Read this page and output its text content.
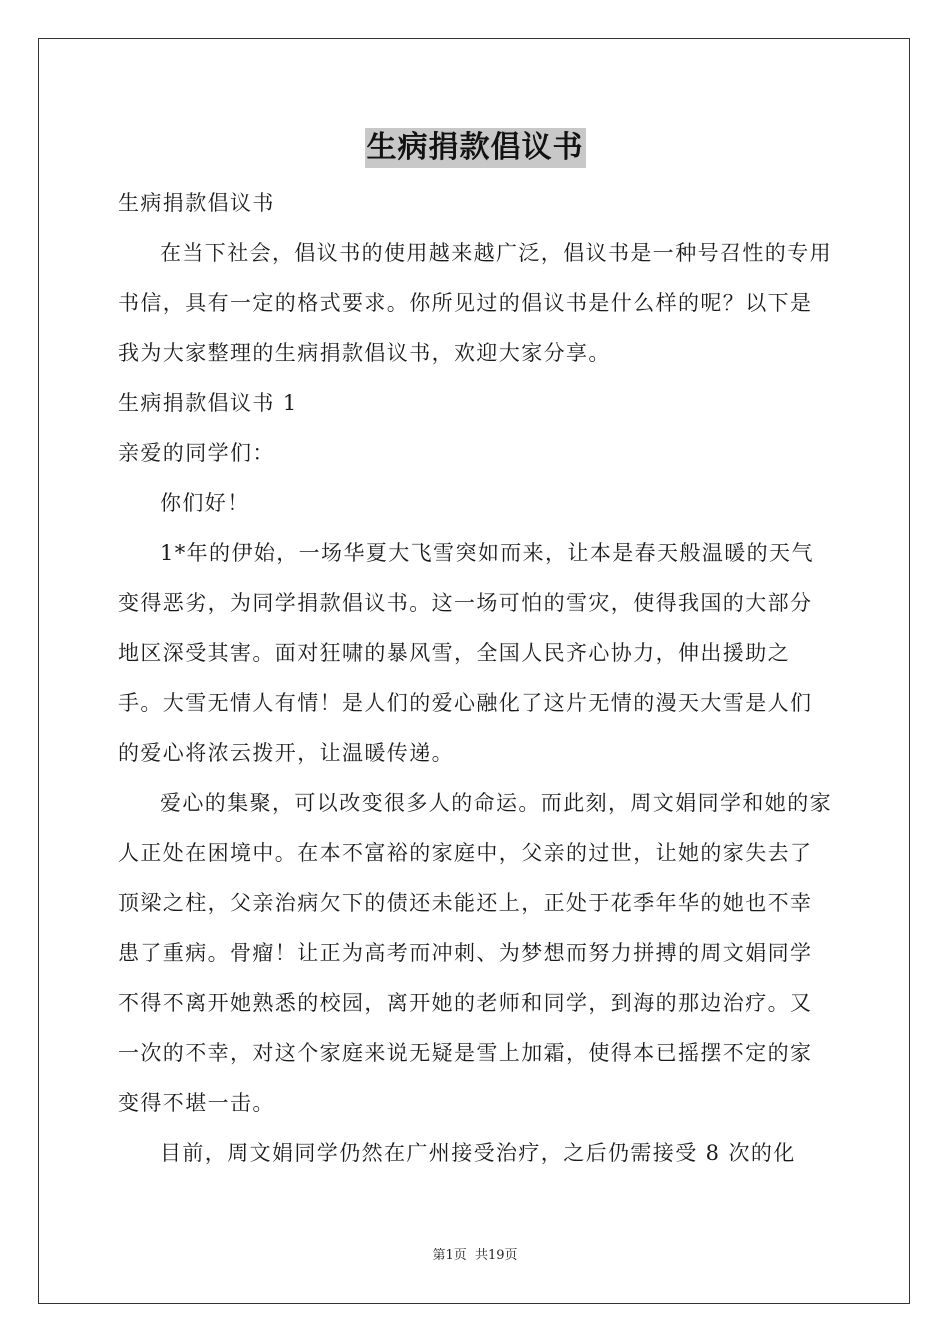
生病捐款倡议书

生病捐款倡议书

在当下社会，倡议书的使用越来越广泛，倡议书是一种号召性的专用书信，具有一定的格式要求。你所见过的倡议书是什么样的呢？以下是我为大家整理的生病捐款倡议书，欢迎大家分享。

生病捐款倡议书 1

亲爱的同学们：

你们好！

1*年的伊始，一场华夏大飞雪突如而来，让本是春天般温暖的天气变得恶劣，为同学捐款倡议书。这一场可怕的雪灾，使得我国的大部分地区深受其害。面对狂啸的暴风雪，全国人民齐心协力，伸出援助之手。大雪无情人有情！是人们的爱心融化了这片无情的漫天大雪是人们的爱心将浓云拨开，让温暖传递。

爱心的集聚，可以改变很多人的命运。而此刻，周文娟同学和她的家人正处在困境中。在本不富裕的家庭中，父亲的过世，让她的家失去了顶梁之柱，父亲治病欠下的债还未能还上，正处于花季年华的她也不幸患了重病。骨瘤！让正为高考而冲刺、为梦想而努力拼搏的周文娟同学不得不离开她熟悉的校园，离开她的老师和同学，到海的那边治疗。又一次的不幸，对这个家庭来说无疑是雪上加霜，使得本已摇摆不定的家变得不堪一击。

目前，周文娟同学仍然在广州接受治疗，之后仍需接受 8 次的化

第1页 共19页
